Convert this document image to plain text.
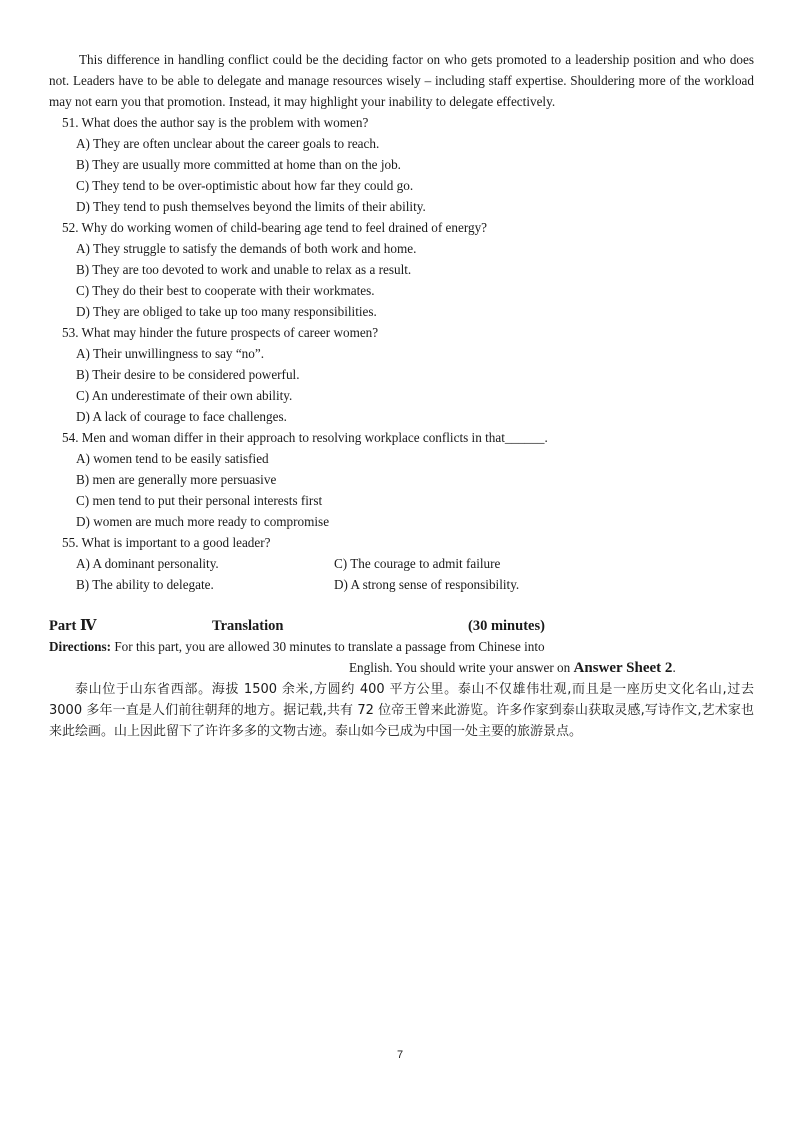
This difference in handling conflict could be the deciding factor on who gets promoted to a leadership position and who does not. Leaders have to be able to delegate and manage resources wisely – including staff expertise. Shouldering more of the workload may not earn you that promotion. Instead, it may highlight your inability to delegate effectively.

51. What does the author say is the problem with women?
A) They are often unclear about the career goals to reach.
B) They are usually more committed at home than on the job.
C) They tend to be over-optimistic about how far they could go.
D) They tend to push themselves beyond the limits of their ability.
52. Why do working women of child-bearing age tend to feel drained of energy?
A) They struggle to satisfy the demands of both work and home.
B) They are too devoted to work and unable to relax as a result.
C) They do their best to cooperate with their workmates.
D) They are obliged to take up too many responsibilities.
53. What may hinder the future prospects of career women?
A) Their unwillingness to say “no”.
B) Their desire to be considered powerful.
C) An underestimate of their own ability.
D) A lack of courage to face challenges.
54. Men and woman differ in their approach to resolving workplace conflicts in that______.
A) women tend to be easily satisfied
B) men are generally more persuasive
C) men tend to put their personal interests first
D) women are much more ready to compromise
55. What is important to a good leader?
A) A dominant personality.	C) The courage to admit failure
B) The ability to delegate.	D) A strong sense of responsibility.
Part Ⅳ	Translation	(30 minutes)
Directions: For this part, you are allowed 30 minutes to translate a passage from Chinese into
English. You should write your answer on Answer Sheet 2.

泰山位于山东省西部。海拔 1500 余米,方圆约 400 平方公里。泰山不仅雄伟壮观,而且是一座历史文化名山,过去 3000 多年一直是人们前往朝拜的地方。据记载,共有 72 位帝王曾来此游览。许多作家到泰山获取灵感,写诗作文,艺术家也来此绘画。山上因此留下了许许多多的文物古迹。泰山如今已成为中国一处主要的旅游景点。

7
